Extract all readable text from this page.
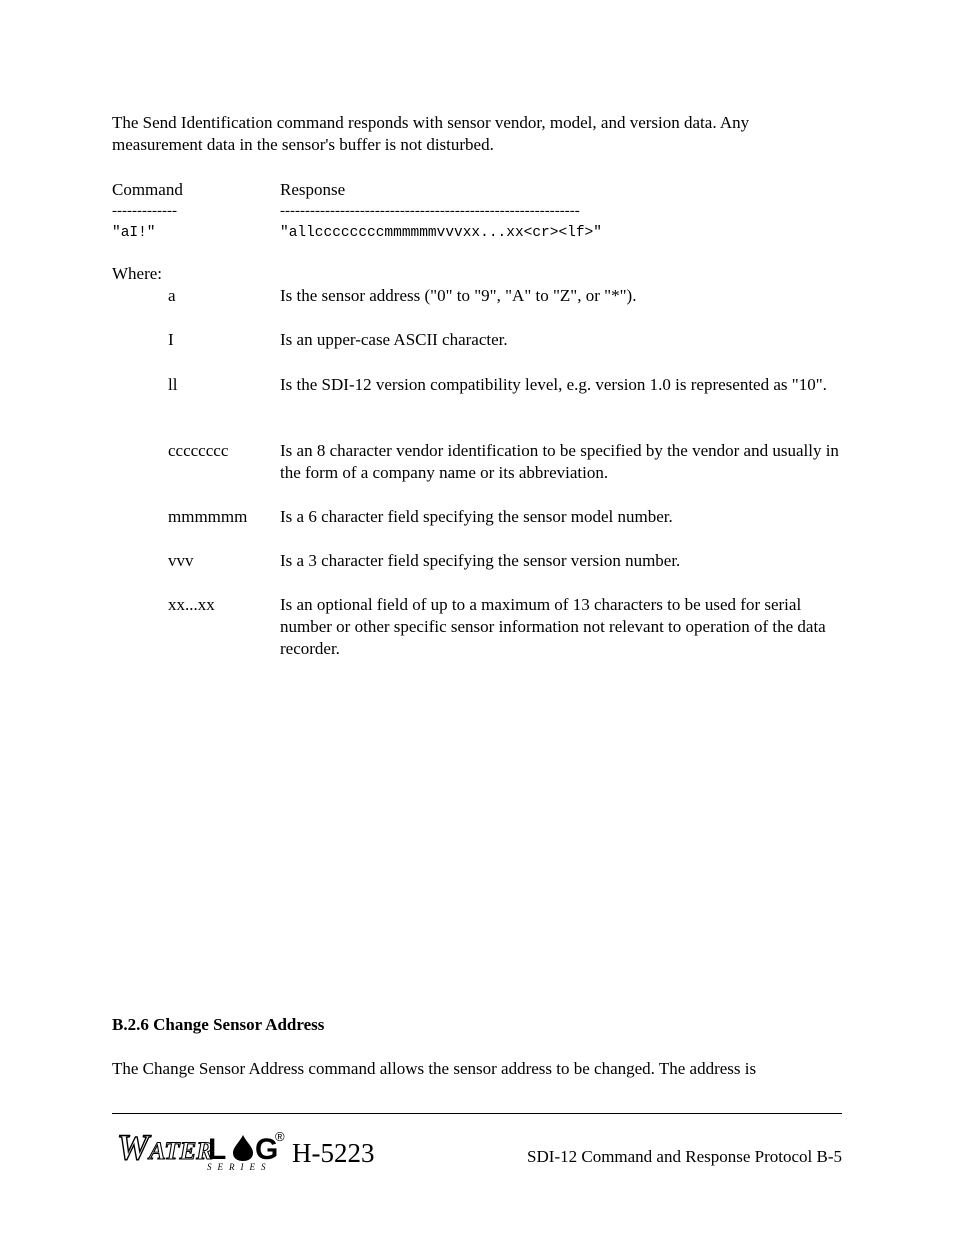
The Send Identification command responds with sensor vendor, model, and version data. Any
measurement data in the sensor's buffer is not disturbed.
Command	Response
-------------	------------------------------------------------------------
"aI!"	"allccccccccmmmmmmvvvxx...xx<cr><lf>"
Where:
a	Is the sensor address ("0" to "9", "A" to "Z", or "*").
I	Is an upper-case ASCII character.
ll	Is the SDI-12 version compatibility level, e.g. version 1.0 is represented as "10".
cccccccc	Is an 8 character vendor identification to be specified by the vendor and usually in the form of a company name or its abbreviation.
mmmmmm Is a 6 character field specifying the sensor model number.
vvv	Is a 3 character field specifying the sensor version number.
xx...xx	Is an optional field of up to a maximum of 13 characters to be used for serial number or other specific sensor information not relevant to operation of the data recorder.
B.2.6 Change Sensor Address
The Change Sensor Address command allows the sensor address to be changed. The address is
W ATER
L G
®
SERIES H-5223	SDI-12 Command and Response Protocol B-5
